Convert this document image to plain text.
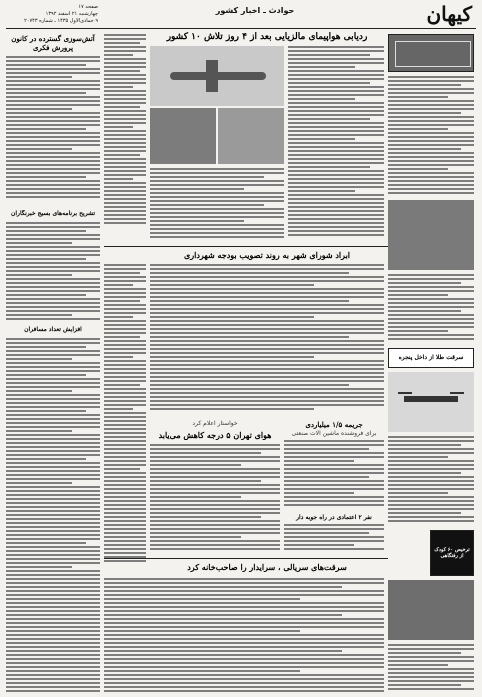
کیهان
حوادث ـ اخبار کشور
صفحه ۱۷
چهارشنبه ۲۱ اسفند ۱۳۹۲
۹ جمادی‌الاول ۱۴۳۵ ـ شماره ۲۰۷۴۳
سرقت طلا از داخل پنجره
ترخیص ۶۰ کودک از رفتگاهی
ردیابی هواپیمای مالزیایی بعد از ۴ روز تلاش ۱۰ کشور
آتش‌سوزی گسترده در کانون پرورش فکری
تشریح برنامه‌های بسیج خبرنگاران
افزایش تعداد مسافران
ابراد شورای شهر به روند تصویب بودجه شهرداری
خواستار اعلام کرد
هوای تهران ۵ درجه کاهش می‌یابد
جریمه ۱/۵ میلیاردی
برای فروشنده ماشین آلات صنعتی
نفر ۲ اعتمادی در راه جوبه دار
سرقت‌های سریالی ، سرایدار را صاحب‌خانه کرد
